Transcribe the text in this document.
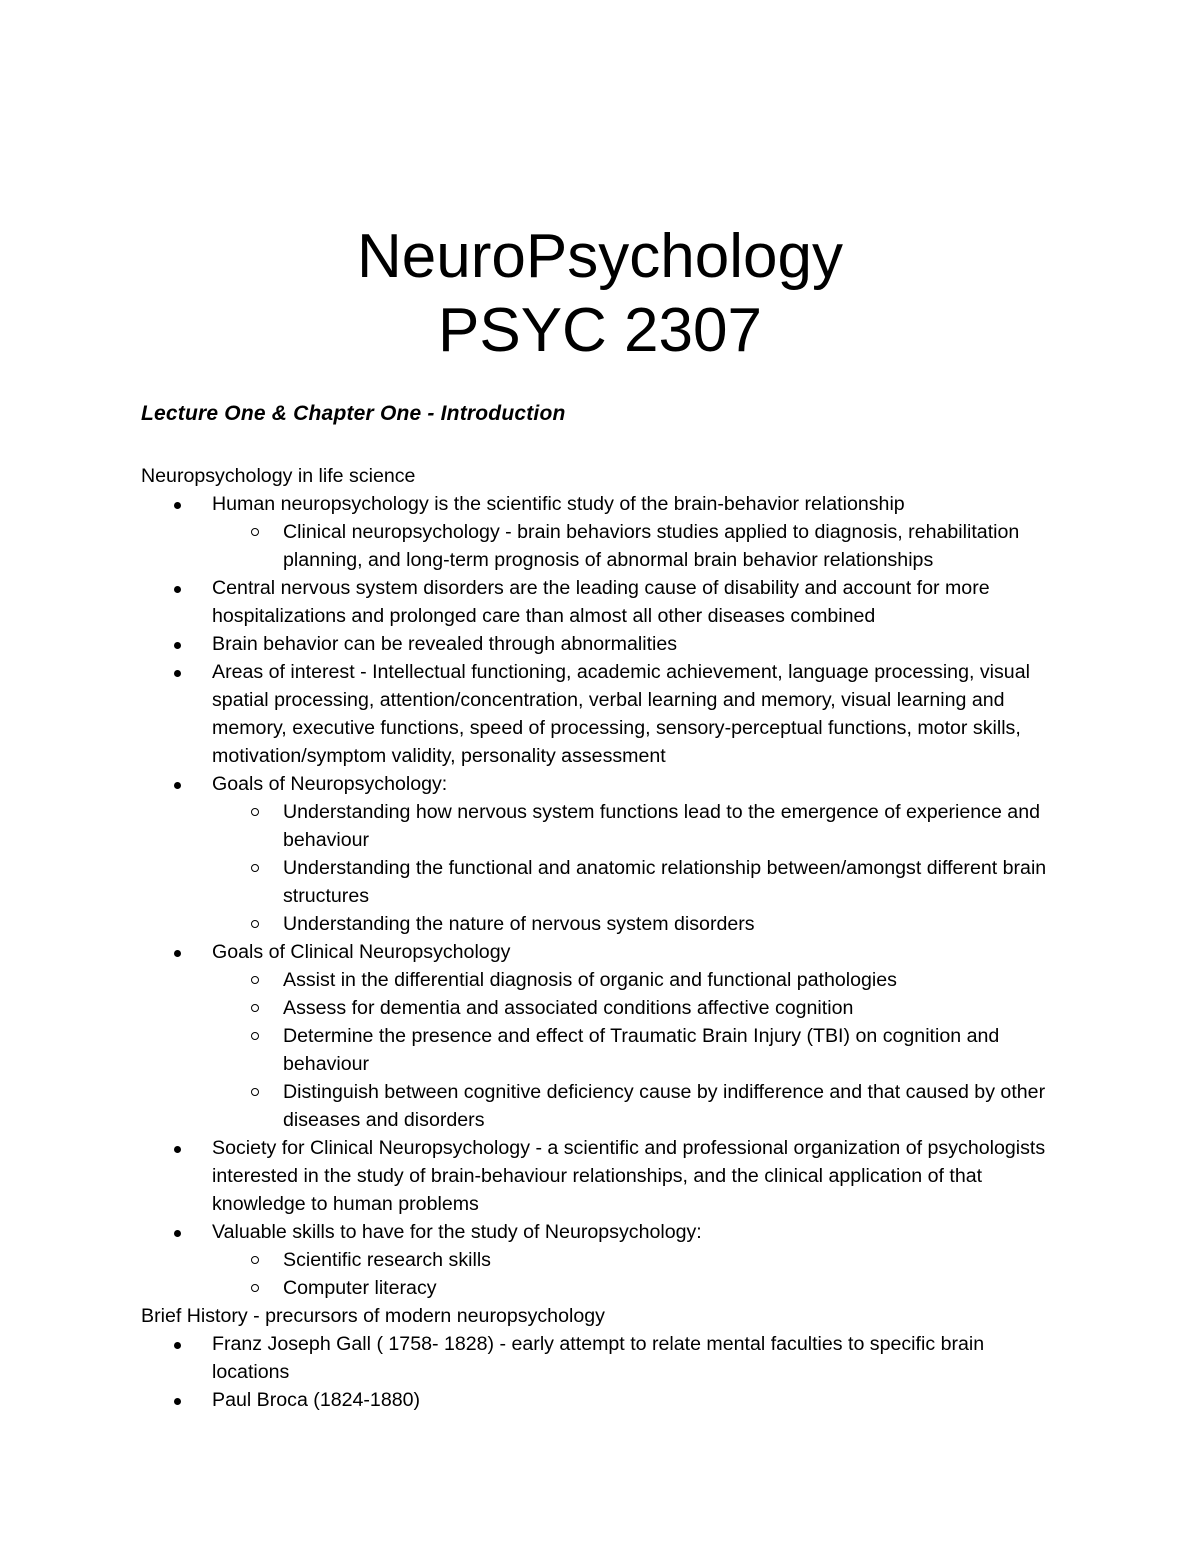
NeuroPsychology
PSYC 2307
Lecture One & Chapter One - Introduction
Neuropsychology in life science
Human neuropsychology is the scientific study of the brain-behavior relationship
Clinical neuropsychology - brain behaviors studies applied to diagnosis, rehabilitation planning, and long-term prognosis of abnormal brain behavior relationships
Central nervous system disorders are the leading cause of disability and account for more hospitalizations and prolonged care than almost all other diseases combined
Brain behavior can be revealed through abnormalities
Areas of interest - Intellectual functioning, academic achievement, language processing, visual spatial processing, attention/concentration, verbal learning and memory, visual learning and memory, executive functions, speed of processing, sensory-perceptual functions, motor skills, motivation/symptom validity, personality assessment
Goals of Neuropsychology:
Understanding how nervous system functions lead to the emergence of experience and behaviour
Understanding the functional and anatomic relationship between/amongst different brain structures
Understanding the nature of nervous system disorders
Goals of Clinical Neuropsychology
Assist in the differential diagnosis of organic and functional pathologies
Assess for dementia and associated conditions affective cognition
Determine the presence and effect of Traumatic Brain Injury (TBI) on cognition and behaviour
Distinguish between cognitive deficiency cause by indifference and that caused by other diseases and disorders
Society for Clinical Neuropsychology - a scientific and professional organization of psychologists interested in the study of brain-behaviour relationships, and the clinical application of that knowledge to human problems
Valuable skills to have for the study of Neuropsychology:
Scientific research skills
Computer literacy
Brief History - precursors of modern neuropsychology
Franz Joseph Gall ( 1758- 1828) - early attempt to relate mental faculties to specific brain locations
Paul Broca (1824-1880)
